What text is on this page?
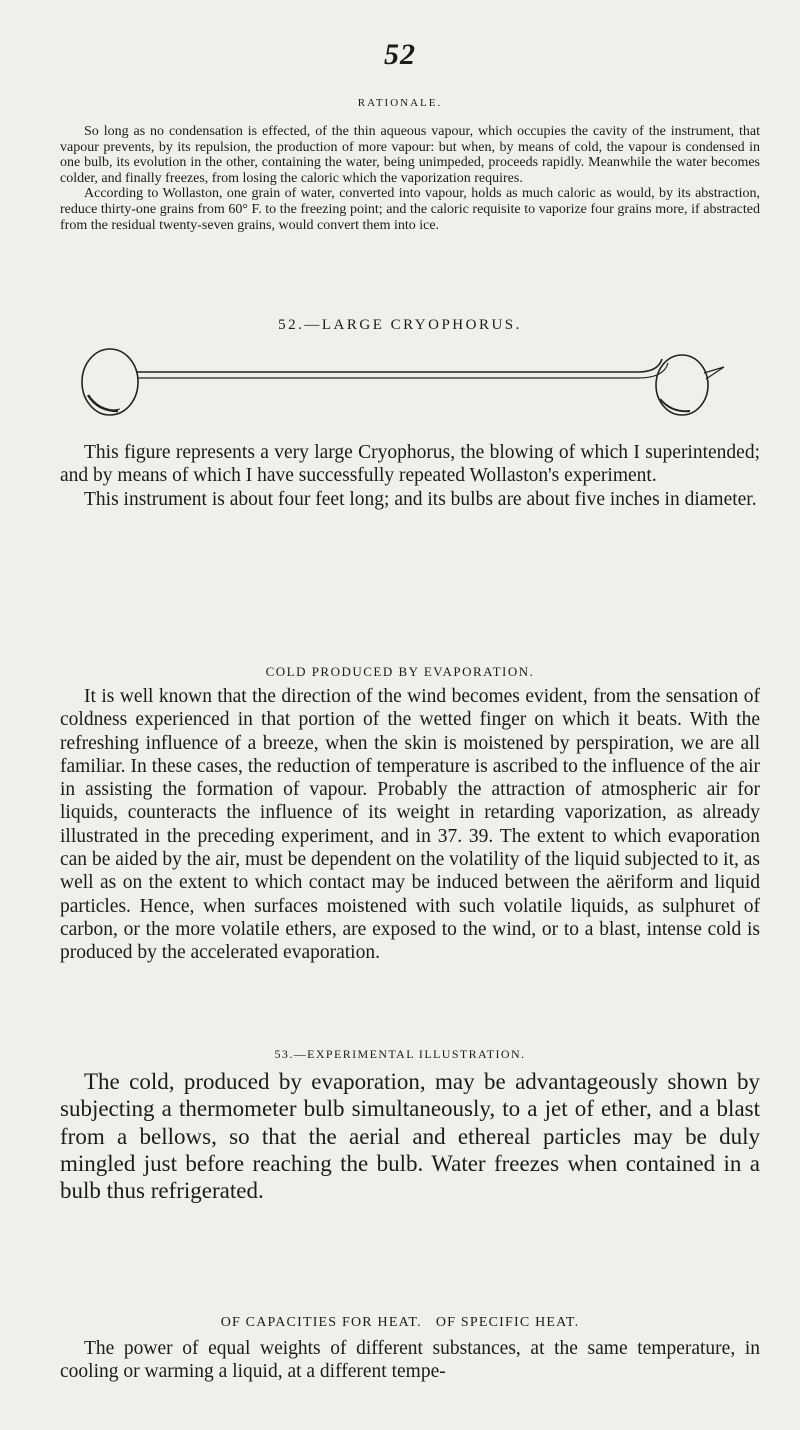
52
RATIONALE.

So long as no condensation is effected, of the thin aqueous vapour, which occupies the cavity of the instrument, that vapour prevents, by its repulsion, the production of more vapour: but when, by means of cold, the vapour is condensed in one bulb, its evolution in the other, containing the water, being unimpeded, proceeds rapidly. Meanwhile the water becomes colder, and finally freezes, from losing the caloric which the vaporization requires.

According to Wollaston, one grain of water, converted into vapour, holds as much caloric as would, by its abstraction, reduce thirty-one grains from 60° F. to the freezing point; and the caloric requisite to vaporize four grains more, if abstracted from the residual twenty-seven grains, would convert them into ice.

52.—LARGE CRYOPHORUS.

This figure represents a very large Cryophorus, the blowing of which I superintended; and by means of which I have successfully repeated Wollaston's experiment.

This instrument is about four feet long; and its bulbs are about five inches in diameter.

COLD PRODUCED BY EVAPORATION.

It is well known that the direction of the wind becomes evident, from the sensation of coldness experienced in that portion of the wetted finger on which it beats. With the refreshing influence of a breeze, when the skin is moistened by perspiration, we are all familiar. In these cases, the reduction of temperature is ascribed to the influence of the air in assisting the formation of vapour. Probably the attraction of atmospheric air for liquids, counteracts the influence of its weight in retarding vaporization, as already illustrated in the preceding experiment, and in 37. 39. The extent to which evaporation can be aided by the air, must be dependent on the volatility of the liquid subjected to it, as well as on the extent to which contact may be induced between the aëriform and liquid particles. Hence, when surfaces moistened with such volatile liquids, as sulphuret of carbon, or the more volatile ethers, are exposed to the wind, or to a blast, intense cold is produced by the accelerated evaporation.

53.—EXPERIMENTAL ILLUSTRATION.

The cold, produced by evaporation, may be advantageously shown by subjecting a thermometer bulb simultaneously, to a jet of ether, and a blast from a bellows, so that the aerial and ethereal particles may be duly mingled just before reaching the bulb. Water freezes when contained in a bulb thus refrigerated.

OF CAPACITIES FOR HEAT.   OF SPECIFIC HEAT.

The power of equal weights of different substances, at the same temperature, in cooling or warming a liquid, at a different tempe-
